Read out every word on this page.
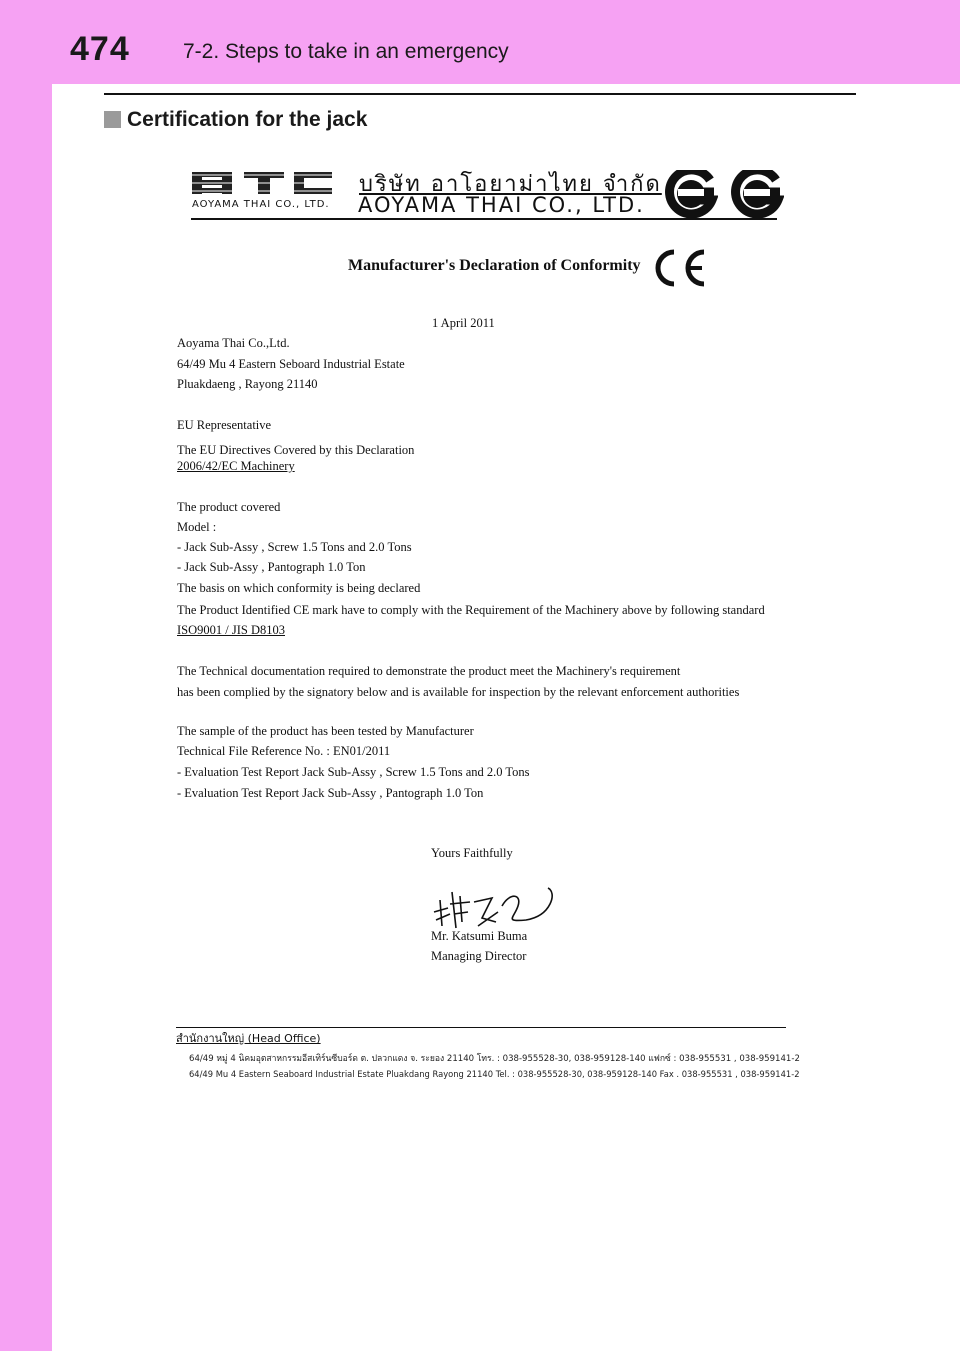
474	7-2. Steps to take in an emergency
Certification for the jack
AOYAMA THAI CO., LTD.
บริษัท อาโอยาม่าไทย จำกัด
AOYAMA THAI CO., LTD.
Manufacturer's Declaration of Conformity
1 April 2011
Aoyama Thai Co.,Ltd.
64/49 Mu 4 Eastern Seboard Industrial Estate
Pluakdaeng , Rayong 21140
EU Representative
The EU Directives Covered by this Declaration
2006/42/EC Machinery
The product covered
Model :
- Jack Sub-Assy , Screw 1.5 Tons and 2.0 Tons
- Jack Sub-Assy , Pantograph 1.0 Ton
The basis on which conformity is being declared
The Product Identified CE mark have to comply with the Requirement of the Machinery above by following standard
ISO9001 / JIS D8103
The Technical documentation required to demonstrate the product meet the Machinery's requirement
has been complied by the signatory below and is available for inspection by the relevant enforcement authorities
The sample of the product has been tested by Manufacturer
Technical File Reference No. : EN01/2011
- Evaluation Test Report Jack Sub-Assy , Screw 1.5 Tons and 2.0 Tons
- Evaluation Test Report Jack Sub-Assy , Pantograph 1.0 Ton
Yours Faithfully
Mr. Katsumi Buma
Managing Director
สำนักงานใหญ่ (Head Office)
64/49 หมู่ 4 นิคมอุตสาหกรรมอีสเทิร์นซีบอร์ด ต. ปลวกแดง จ. ระยอง 21140 โทร. : 038-955528-30, 038-959128-140 แฟกซ์ : 038-955531 , 038-959141-2
64/49 Mu 4 Eastern Seaboard Industrial Estate Pluakdang Rayong 21140 Tel. : 038-955528-30, 038-959128-140 Fax . 038-955531 , 038-959141-2
